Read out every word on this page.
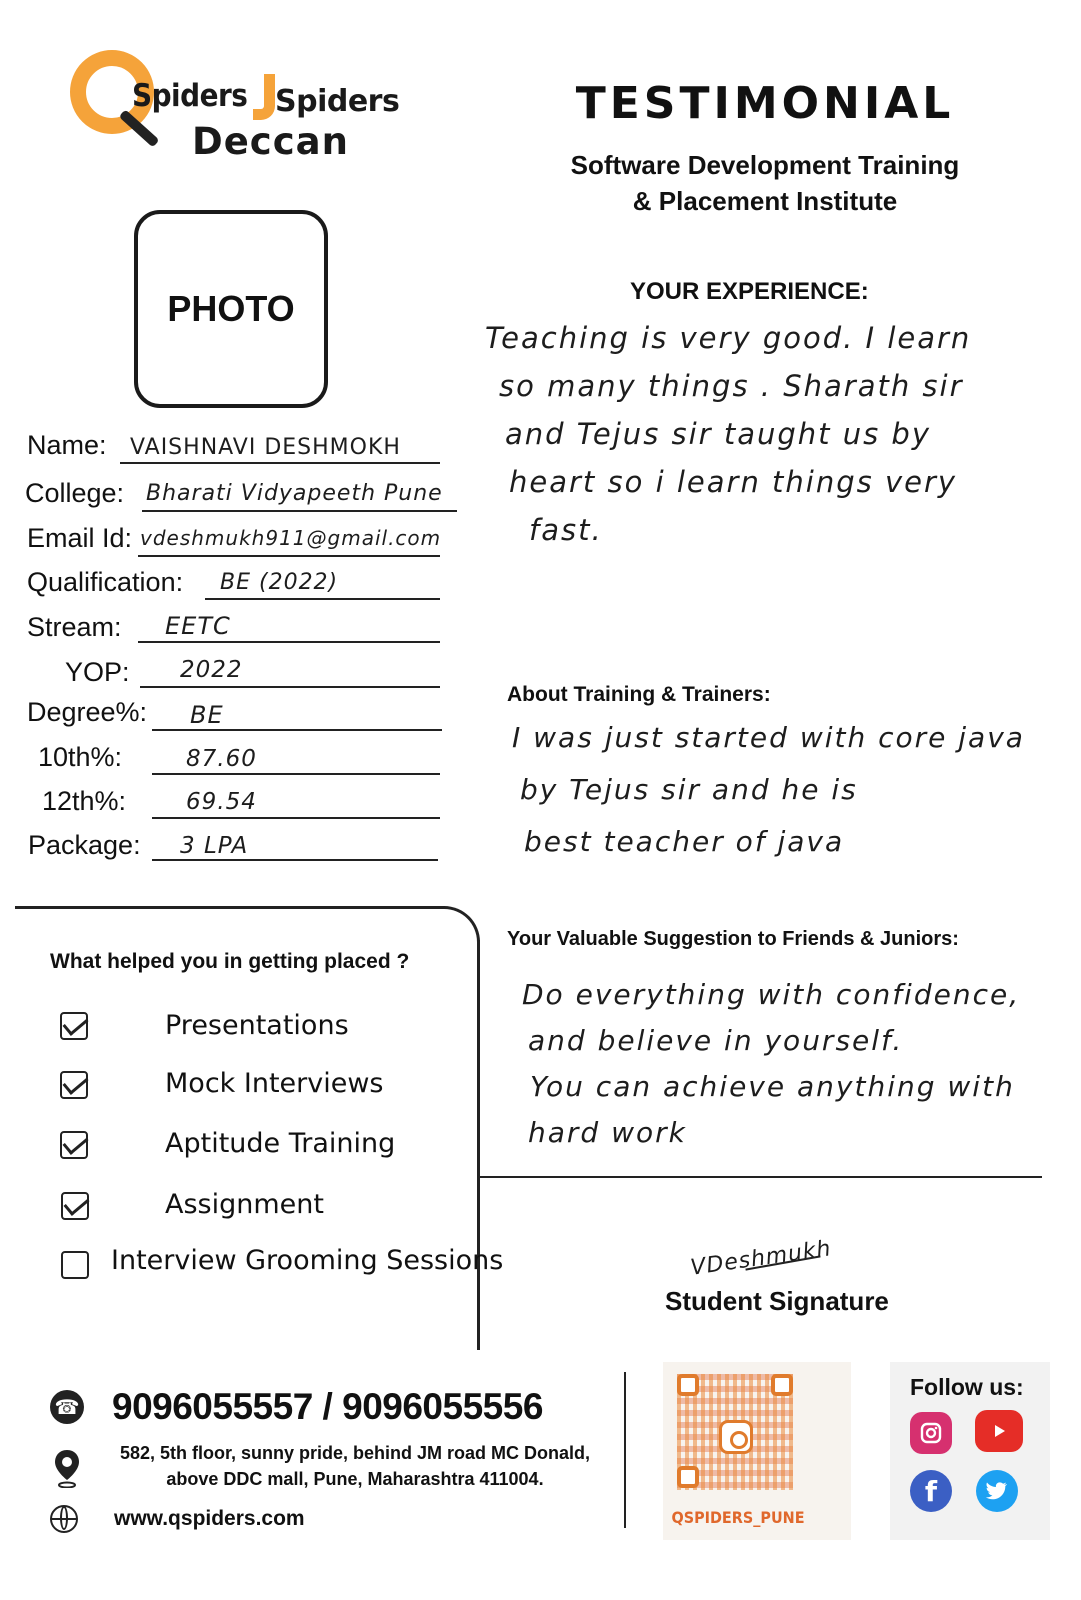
Spiders Spiders
Deccan
TESTIMONIAL
Software Development Training
& Placement Institute
PHOTO
Name: VAISHNAVI DESHMOKH
College: Bharati Vidyapeeth Pune
Email Id: vdeshmukh911@gmail.com
Qualification: BE (2022)
Stream: EETC
YOP: 2022
Degree%: BE
10th%:	87.60
12th%:	69.54
Package: 3 LPA
YOUR EXPERIENCE:
Teaching is very good. I learn
so many things . Sharath sir
and Tejus sir taught us by
heart so i learn things very
fast.
About Training & Trainers:
I was just started with core java
by Tejus sir and he is
best teacher of java
Your Valuable Suggestion to Friends & Juniors:
Do everything with confidence,
and believe in yourself.
You can achieve anything with
hard work
What helped you in getting placed ?
Presentations
Mock Interviews
Aptitude Training
Assignment
Interview Grooming Sessions	VDeshmukh
Student Signature
☎ 9096055557 / 9096055556
582, 5th floor, sunny pride, behind JM road MC Donald,
above DDC mall, Pune, Maharashtra 411004.
www.qspiders.com	QSPIDERS_PUNE
Follow us:
f
